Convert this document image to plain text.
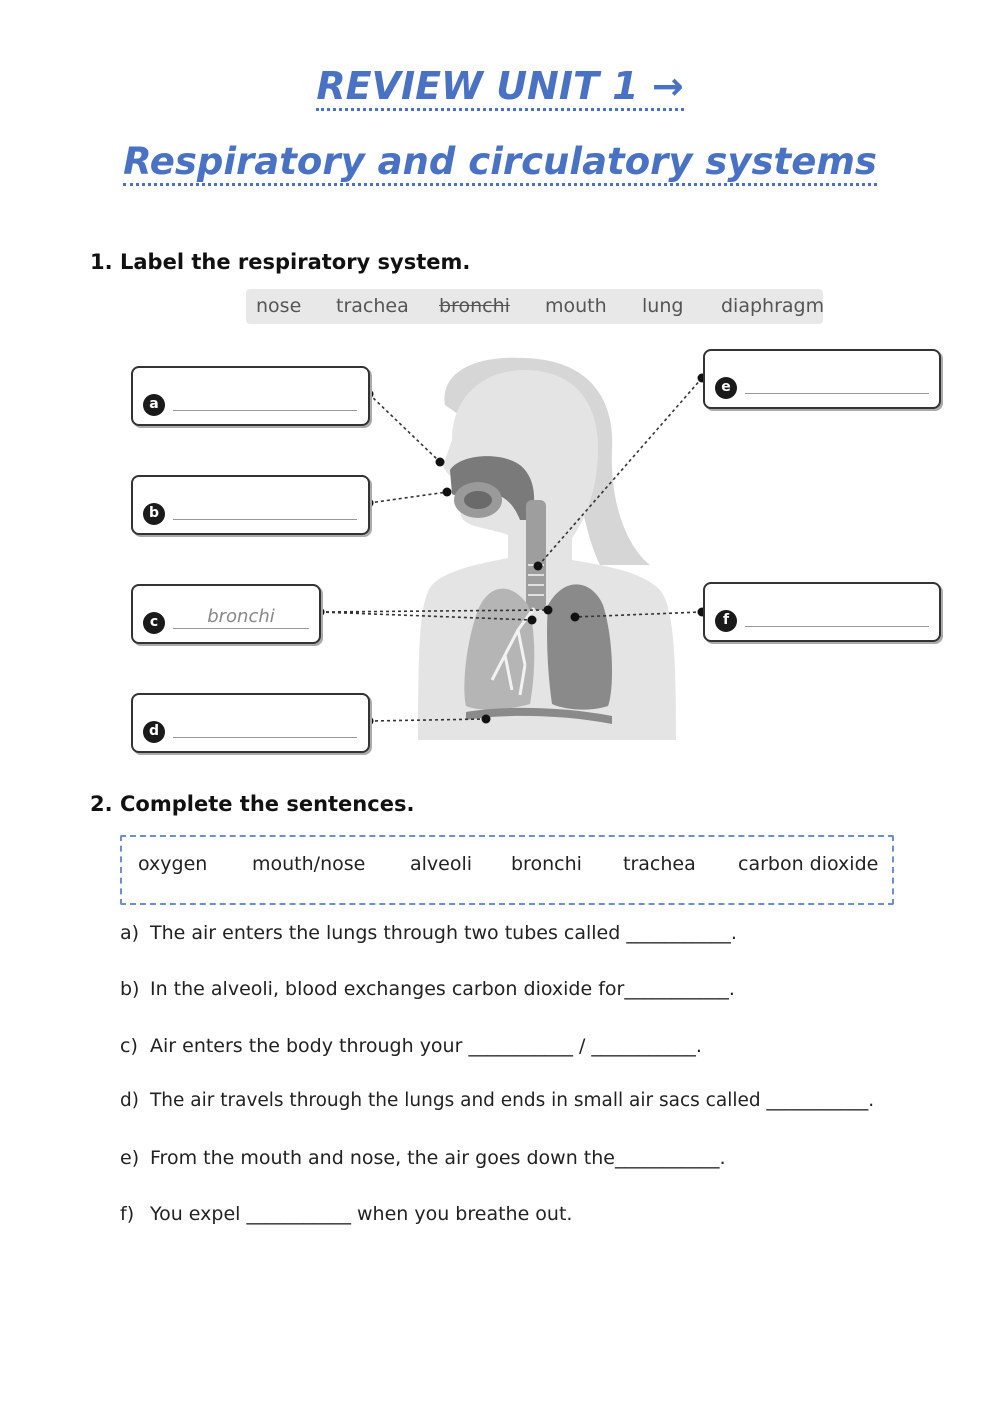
REVIEW UNIT 1 →
Respiratory and circulatory systems
1. Label the respiratory system.
nose trachea bronchi mouth lung diaphragm
a
b
c	bronchi
d
e
f
2. Complete the sentences.
oxygen mouth/nose alveoli bronchi trachea carbon dioxide
a) The air enters the lungs through two tubes called ___________.
b) In the alveoli, blood exchanges carbon dioxide for___________.
c) Air enters the body through your ___________ / ___________.
d) The air travels through the lungs and ends in small air sacs called ___________.
e) From the mouth and nose, the air goes down the___________.
f) You expel ___________ when you breathe out.
